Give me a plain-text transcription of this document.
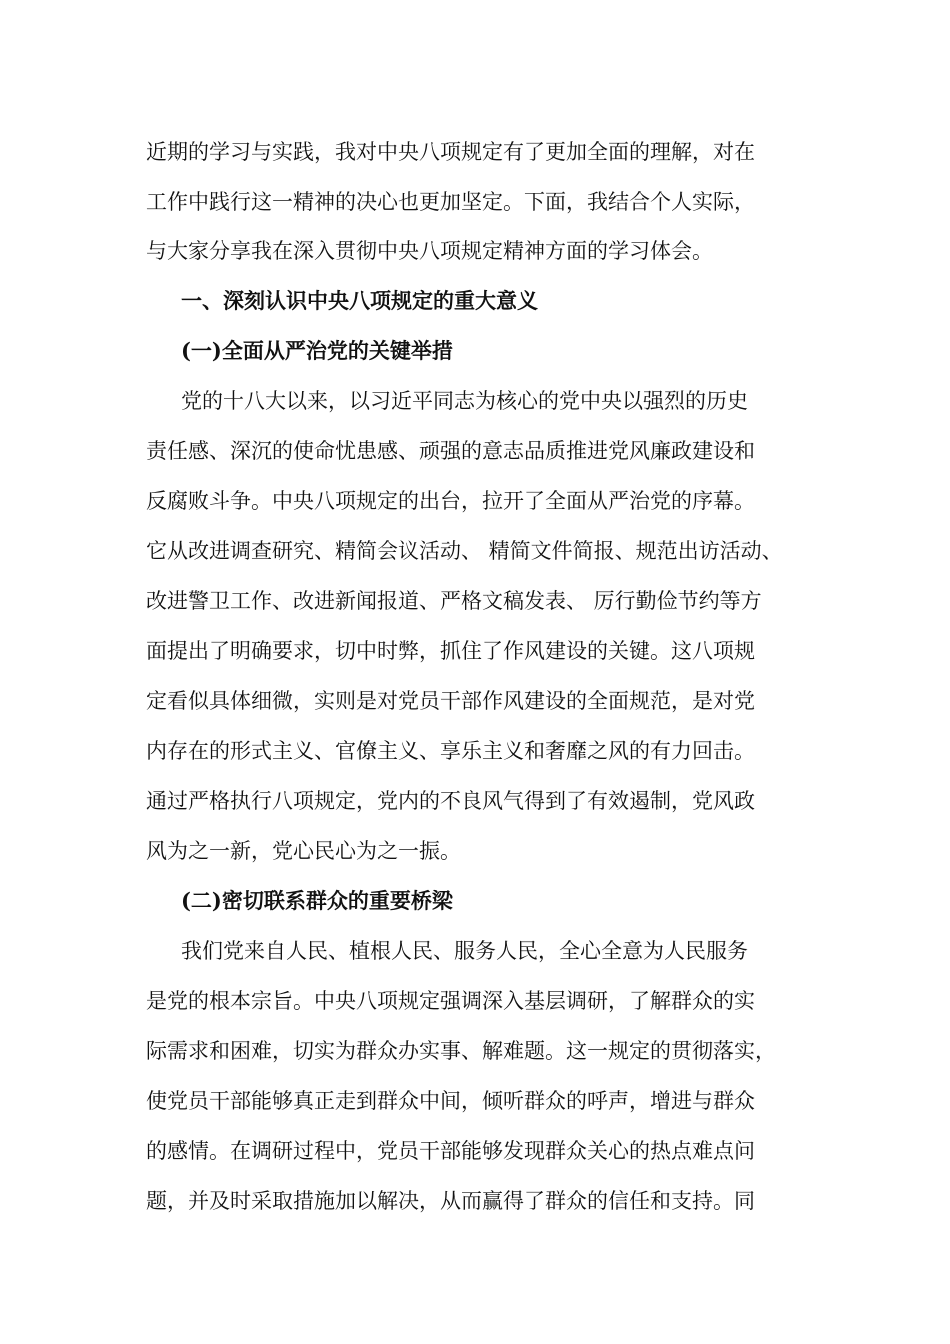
近期的学习与实践，我对中央八项规定有了更加全面的理解，对在
工作中践行这一精神的决心也更加坚定。下面，我结合个人实际，
与大家分享我在深入贯彻中央八项规定精神方面的学习体会。
一、深刻认识中央八项规定的重大意义
(一)全面从严治党的关键举措
党的十八大以来，以习近平同志为核心的党中央以强烈的历史
责任感、深沉的使命忧患感、顽强的意志品质推进党风廉政建设和
反腐败斗争。中央八项规定的出台，拉开了全面从严治党的序幕。
它从改进调查研究、精简会议活动、 精简文件简报、规范出访活动、
改进警卫工作、改进新闻报道、严格文稿发表、 厉行勤俭节约等方
面提出了明确要求，切中时弊，抓住了作风建设的关键。这八项规
定看似具体细微，实则是对党员干部作风建设的全面规范，是对党
内存在的形式主义、官僚主义、享乐主义和奢靡之风的有力回击。
通过严格执行八项规定，党内的不良风气得到了有效遏制，党风政
风为之一新，党心民心为之一振。
(二)密切联系群众的重要桥梁
我们党来自人民、植根人民、服务人民，全心全意为人民服务
是党的根本宗旨。中央八项规定强调深入基层调研，了解群众的实
际需求和困难，切实为群众办实事、解难题。这一规定的贯彻落实，
使党员干部能够真正走到群众中间，倾听群众的呼声，增进与群众
的感情。在调研过程中，党员干部能够发现群众关心的热点难点问
题，并及时采取措施加以解决，从而赢得了群众的信任和支持。同
